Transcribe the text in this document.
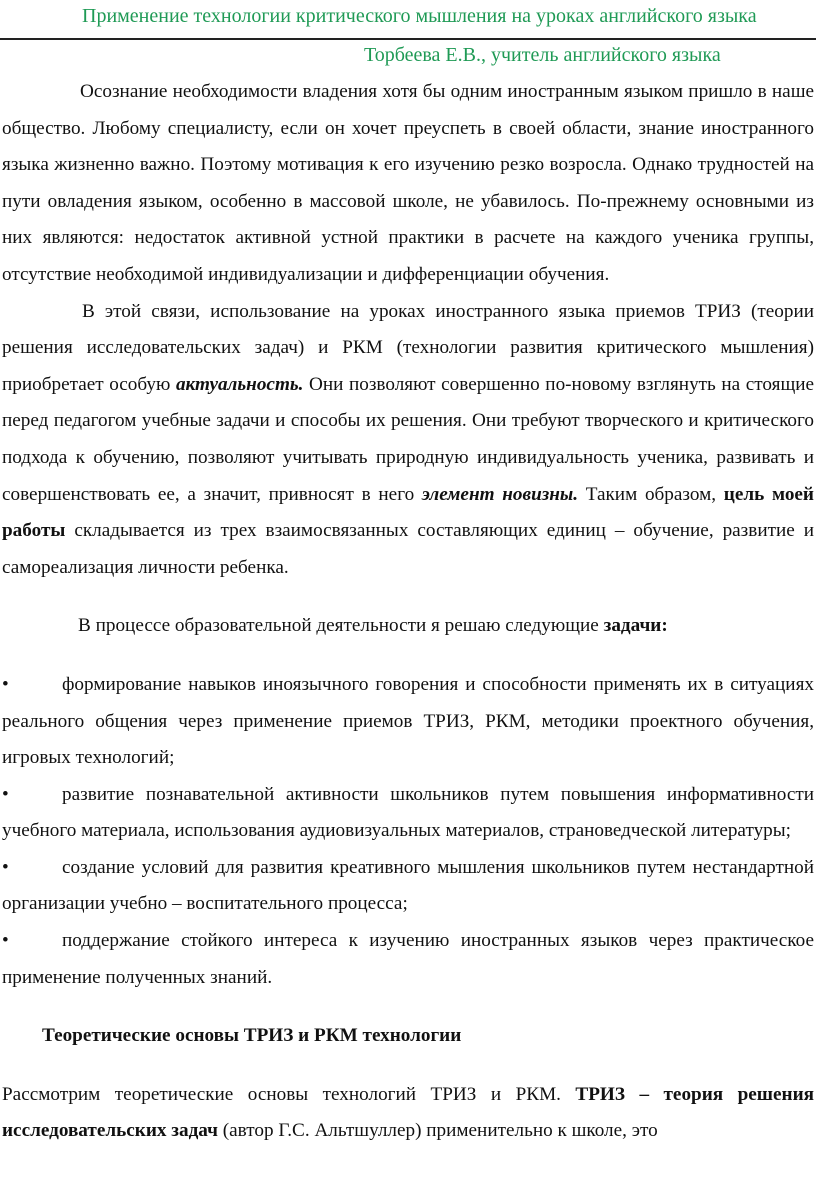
Применение технологии критического мышления на уроках английского языка
Торбеева Е.В., учитель английского языка

Осознание необходимости владения хотя бы одним иностранным языком пришло в наше общество. Любому специалисту, если он хочет преуспеть в своей области, знание иностранного языка жизненно важно. Поэтому мотивация к его изучению резко возросла. Однако трудностей на пути овладения языком, особенно в массовой школе, не убавилось. По-прежнему основными из них являются: недостаток активной устной практики в расчете на каждого ученика группы, отсутствие необходимой индивидуализации и дифференциации обучения.

В этой связи, использование на уроках иностранного языка приемов ТРИЗ (теории решения исследовательских задач) и РКМ (технологии развития критического мышления) приобретает особую актуальность. Они позволяют совершенно по-новому взглянуть на стоящие перед педагогом учебные задачи и способы их решения. Они требуют творческого и критического подхода к обучению, позволяют учитывать природную индивидуальность ученика, развивать и совершенствовать ее, а значит, привносят в него элемент новизны. Таким образом, цель моей работы складывается из трех взаимосвязанных составляющих единиц – обучение, развитие и самореализация личности ребенка.

В процессе образовательной деятельности я решаю следующие задачи:

•	формирование навыков иноязычного говорения и способности применять их в ситуациях реального общения через применение приемов ТРИЗ, РКМ, методики проектного обучения, игровых технологий;

•	развитие познавательной активности школьников путем повышения информативности учебного материала, использования аудиовизуальных материалов, страноведческой литературы;

•	создание условий для развития креативного мышления школьников путем нестандартной организации учебно – воспитательного процесса;

•	поддержание стойкого интереса к изучению иностранных языков через практическое применение полученных знаний.

Теоретические основы ТРИЗ и РКМ технологии

Рассмотрим теоретические основы технологий ТРИЗ и РКМ. ТРИЗ – теория решения исследовательских задач (автор Г.С. Альтшуллер) применительно к школе, это
